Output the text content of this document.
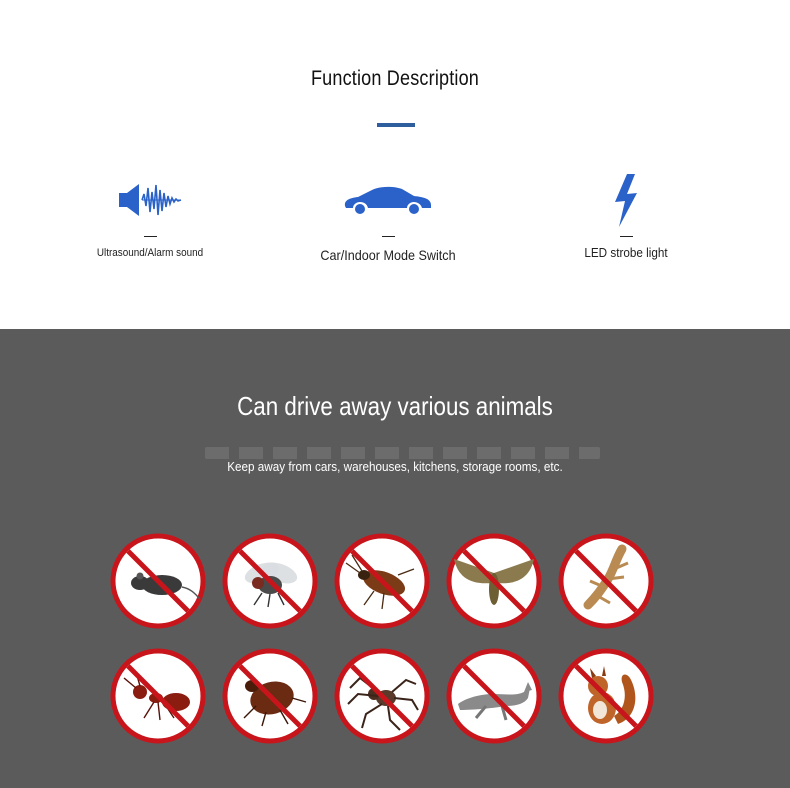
Function Description
Ultrasound/Alarm sound	Car/Indoor Mode Switch	LED strobe light
Can drive away various animals
Keep away from cars, warehouses, kitchens, storage rooms, etc.
